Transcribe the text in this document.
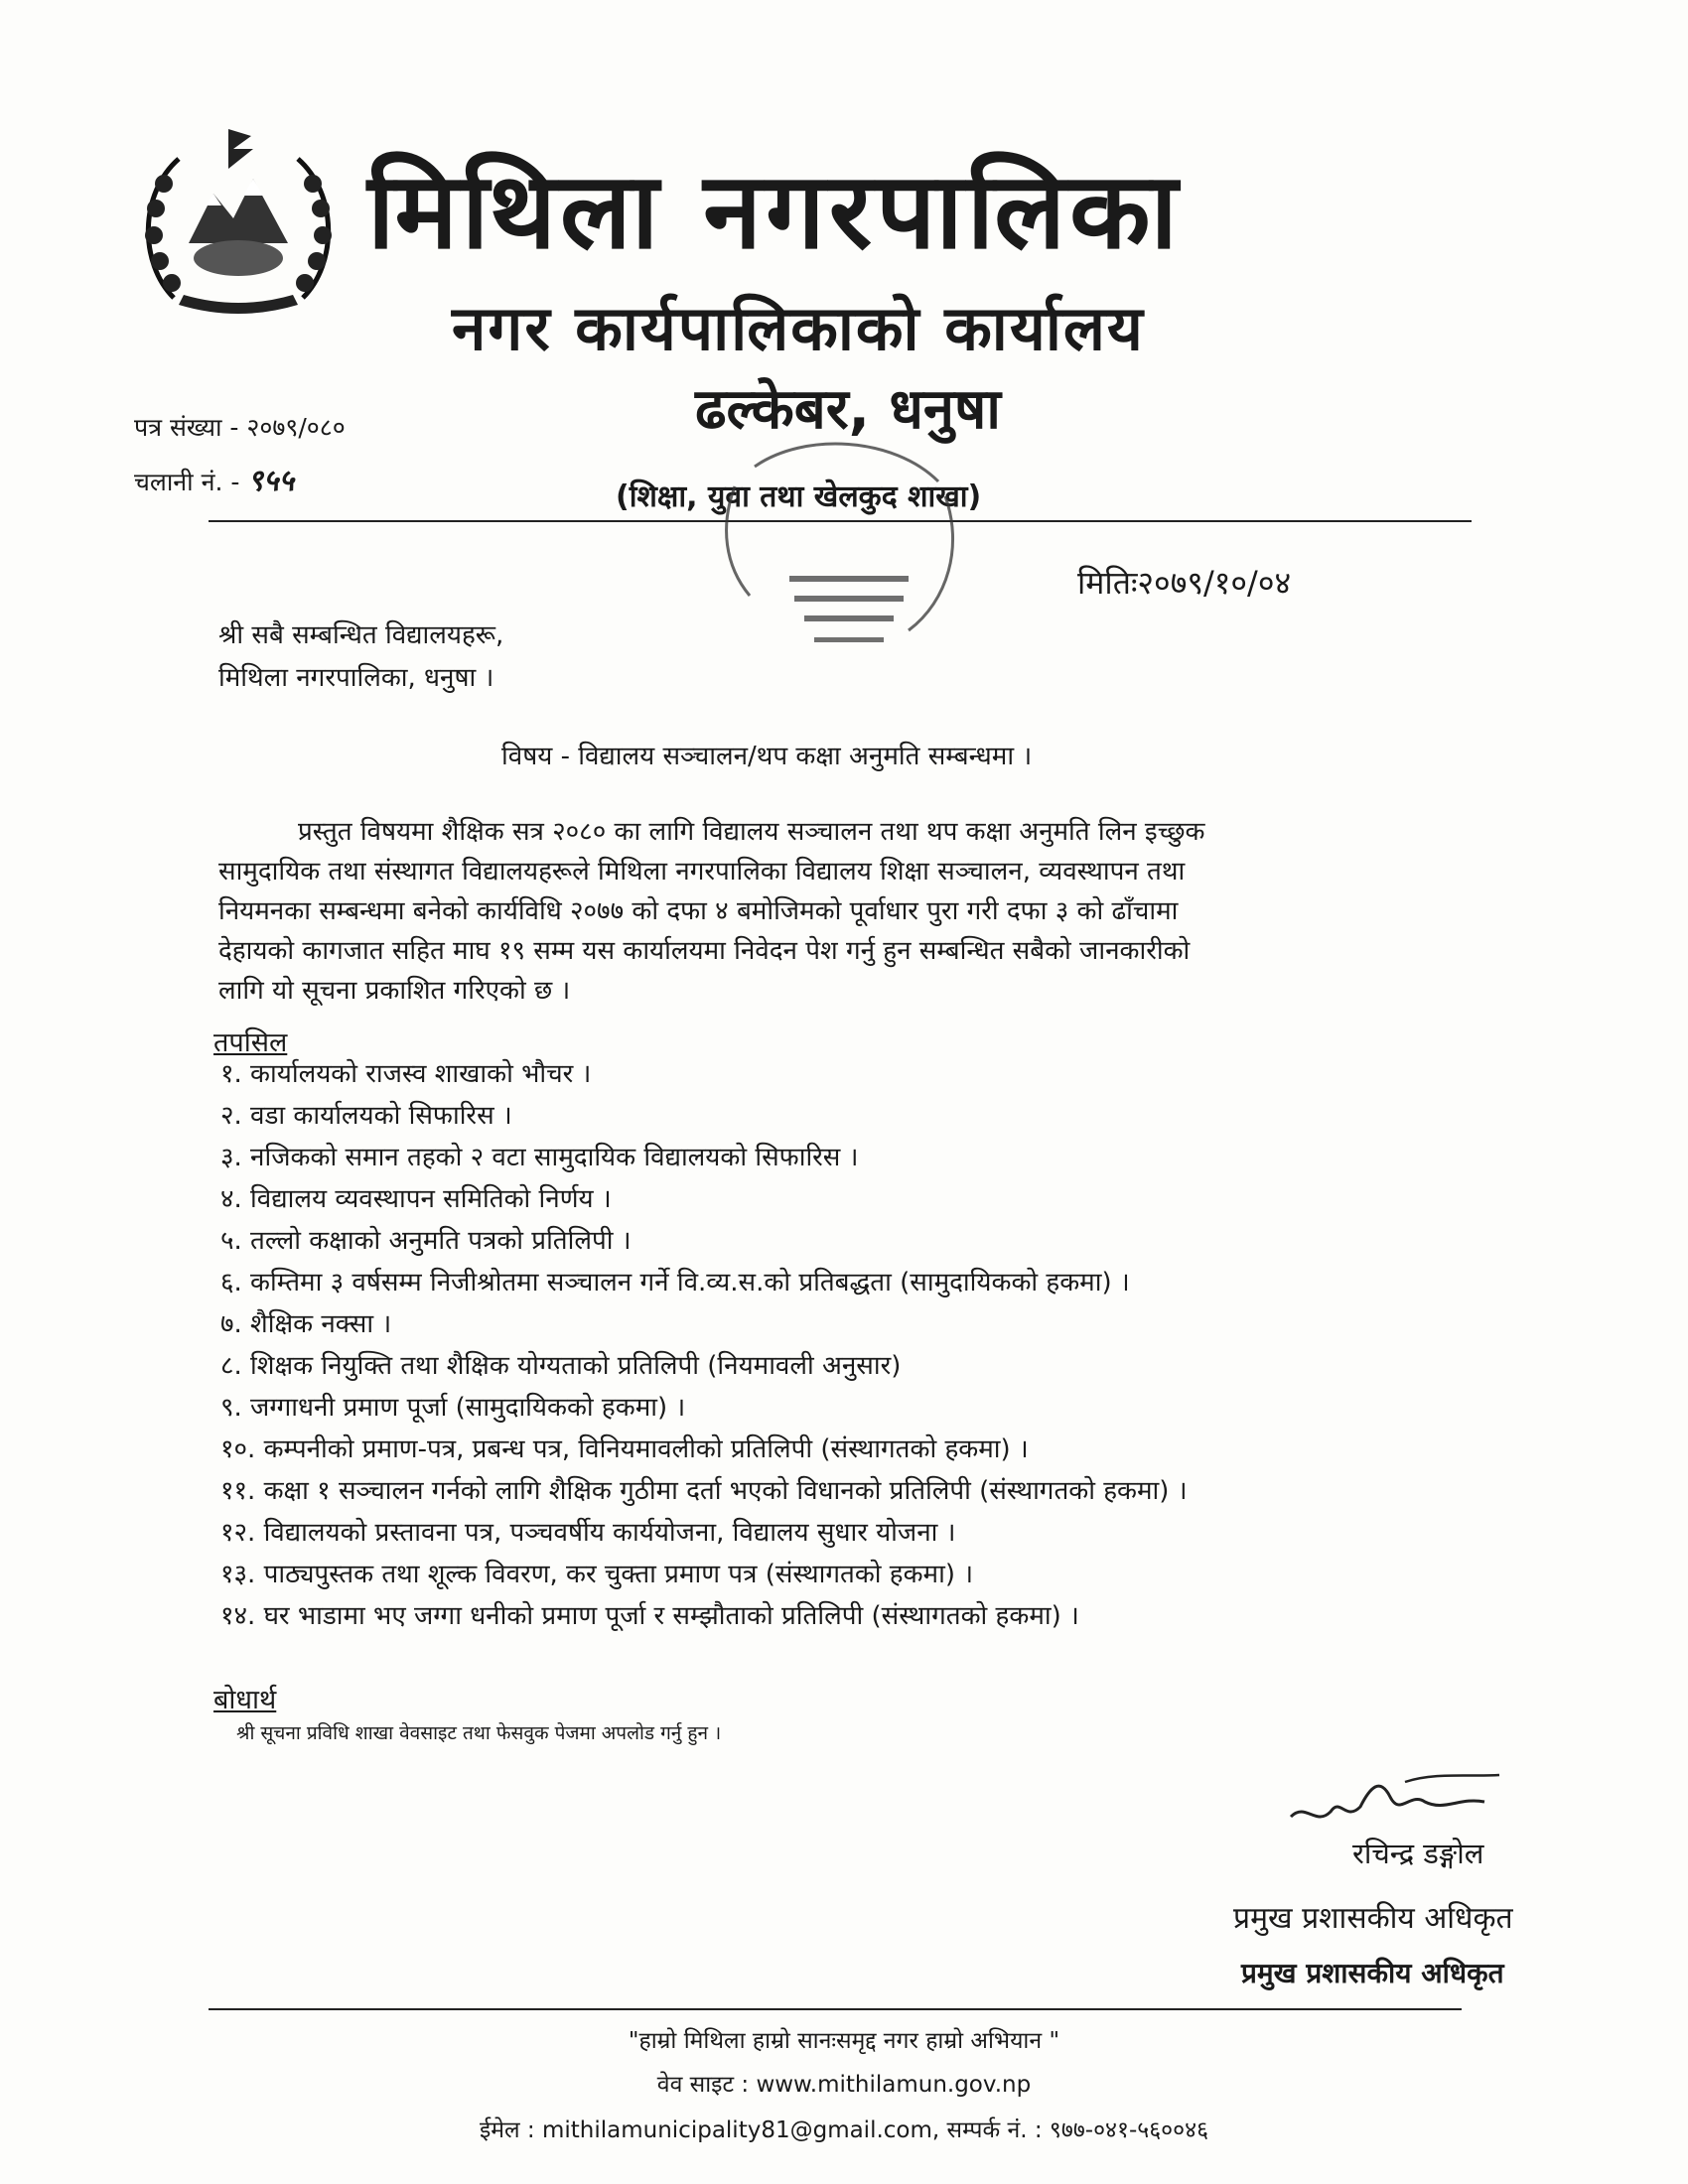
मिथिला नगरपालिका
नगर कार्यपालिकाको कार्यालय
ढल्केबर, धनुषा
(शिक्षा, युवा तथा खेलकुद शाखा)
पत्र संख्या - २०७९/०८०
चलानी नं. - ९५५
मितिः२०७९/१०/०४
श्री सबै सम्बन्धित विद्यालयहरू,
मिथिला नगरपालिका, धनुषा ।
विषय - विद्यालय सञ्चालन/थप कक्षा अनुमति सम्बन्धमा ।
प्रस्तुत विषयमा शैक्षिक सत्र २०८० का लागि विद्यालय सञ्चालन तथा थप कक्षा अनुमति लिन इच्छुक
सामुदायिक तथा संस्थागत विद्यालयहरूले मिथिला नगरपालिका विद्यालय शिक्षा सञ्चालन, व्यवस्थापन तथा
नियमनका सम्बन्धमा बनेको कार्यविधि २०७७ को दफा ४ बमोजिमको पूर्वाधार पुरा गरी दफा ३ को ढाँचामा
देहायको कागजात सहित माघ १९ सम्म यस कार्यालयमा निवेदन पेश गर्नु हुन सम्बन्धित सबैको जानकारीको
लागि यो सूचना प्रकाशित गरिएको छ ।
तपसिल
१. कार्यालयको राजस्व शाखाको भौचर ।
२. वडा कार्यालयको सिफारिस ।
३. नजिकको समान तहको २ वटा सामुदायिक विद्यालयको सिफारिस ।
४. विद्यालय व्यवस्थापन समितिको निर्णय ।
५. तल्लो कक्षाको अनुमति पत्रको प्रतिलिपी ।
६. कम्तिमा ३ वर्षसम्म निजीश्रोतमा सञ्चालन गर्ने वि.व्य.स.को प्रतिबद्धता (सामुदायिकको हकमा) ।
७. शैक्षिक नक्सा ।
८. शिक्षक नियुक्ति तथा शैक्षिक योग्यताको प्रतिलिपी (नियमावली अनुसार)
९. जग्गाधनी प्रमाण पूर्जा (सामुदायिकको हकमा) ।
१०. कम्पनीको प्रमाण-पत्र, प्रबन्ध पत्र, विनियमावलीको प्रतिलिपी (संस्थागतको हकमा) ।
११. कक्षा १ सञ्चालन गर्नको लागि शैक्षिक गुठीमा दर्ता भएको विधानको प्रतिलिपी (संस्थागतको हकमा) ।
१२. विद्यालयको प्रस्तावना पत्र, पञ्चवर्षीय कार्ययोजना, विद्यालय सुधार योजना ।
१३. पाठ्यपुस्तक तथा शूल्क विवरण, कर चुक्ता प्रमाण पत्र (संस्थागतको हकमा) ।
१४. घर भाडामा भए जग्गा धनीको प्रमाण पूर्जा र सम्झौताको प्रतिलिपी (संस्थागतको हकमा) ।
बोधार्थ
श्री सूचना प्रविधि शाखा वेवसाइट तथा फेसवुक पेजमा अपलोड गर्नु हुन ।
रचिन्द्र डङ्गोल
प्रमुख प्रशासकीय अधिकृत
प्रमुख प्रशासकीय अधिकृत
"हाम्रो मिथिला हाम्रो सानःसमृद्द नगर हाम्रो अभियान "
वेव साइट : www.mithilamun.gov.np
ईमेल : mithilamunicipality81@gmail.com, सम्पर्क नं. : ९७७-०४१-५६००४६
